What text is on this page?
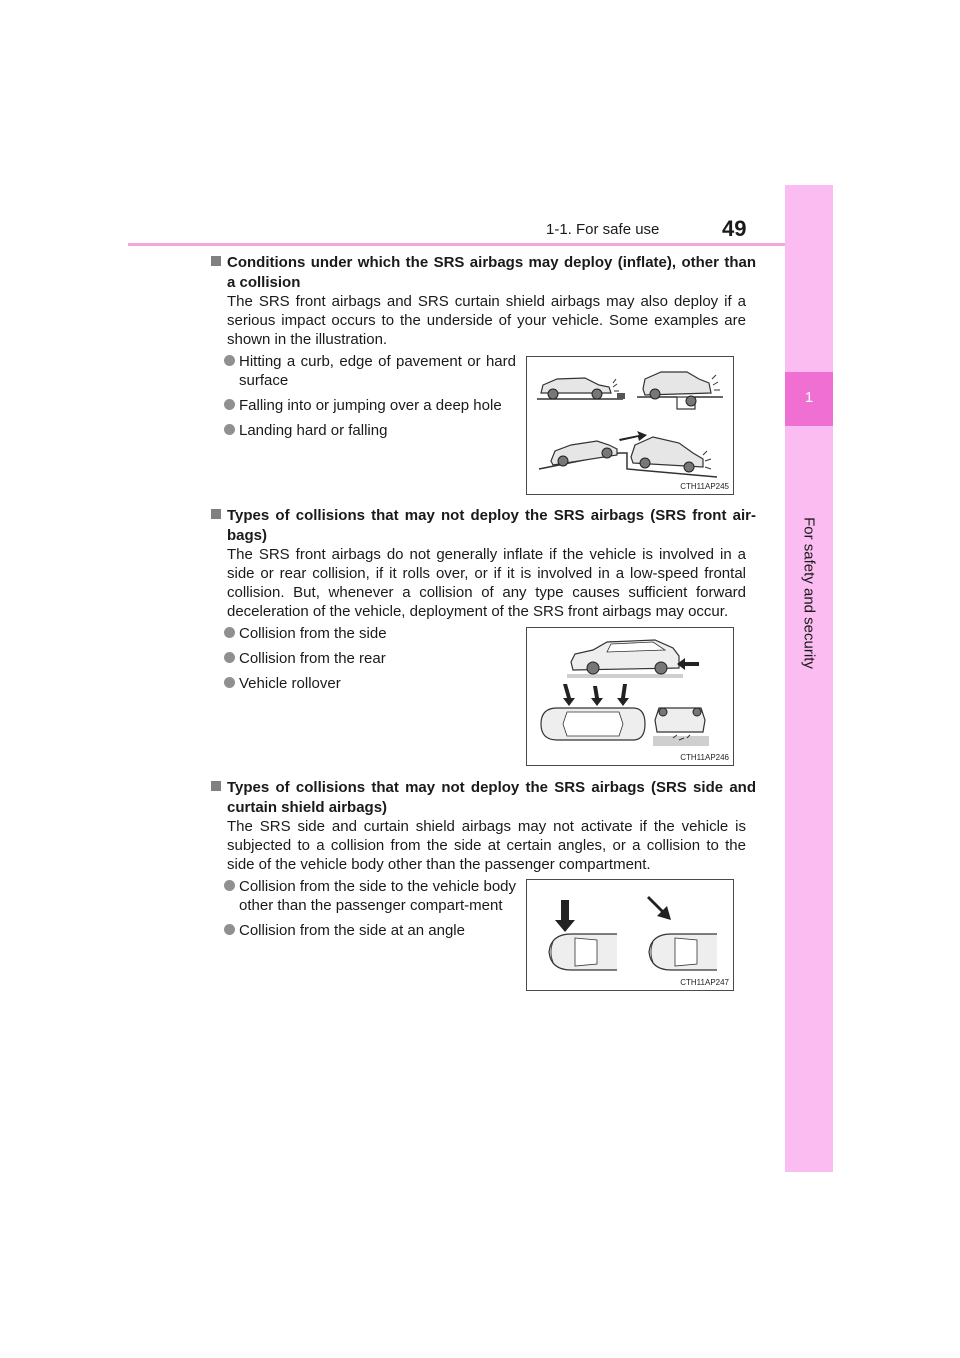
1-1. For safe use	49
1
For safety and security
Conditions under which the SRS airbags may deploy (inflate), other than a collision
The SRS front airbags and SRS curtain shield airbags may also deploy if a serious impact occurs to the underside of your vehicle. Some examples are shown in the illustration.
Hitting a curb, edge of pavement or hard surface
Falling into or jumping over a deep hole
Landing hard or falling
CTH11AP245
Types of collisions that may not deploy the SRS airbags (SRS front air-bags)
The SRS front airbags do not generally inflate if the vehicle is involved in a side or rear collision, if it rolls over, or if it is involved in a low-speed frontal collision. But, whenever a collision of any type causes sufficient forward deceleration of the vehicle, deployment of the SRS front airbags may occur.
Collision from the side
Collision from the rear
Vehicle rollover
CTH11AP246
Types of collisions that may not deploy the SRS airbags (SRS side and curtain shield airbags)
The SRS side and curtain shield airbags may not activate if the vehicle is subjected to a collision from the side at certain angles, or a collision to the side of the vehicle body other than the passenger compartment.
Collision from the side to the vehicle body other than the passenger compart-ment
Collision from the side at an angle
CTH11AP247
